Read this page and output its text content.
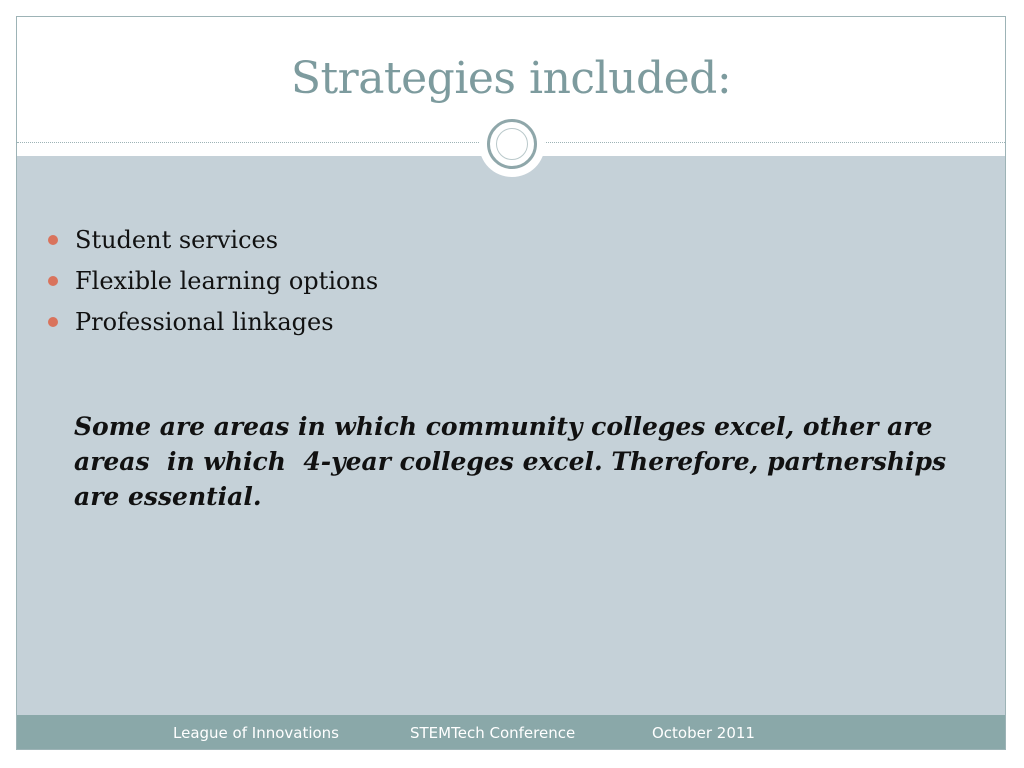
Strategies included:
Student services
Flexible learning options
Professional linkages

Some are areas in which community colleges excel, other are areas  in which  4-year colleges excel. Therefore, partnerships are essential.

League of Innovations	STEMTech Conference	October 2011
